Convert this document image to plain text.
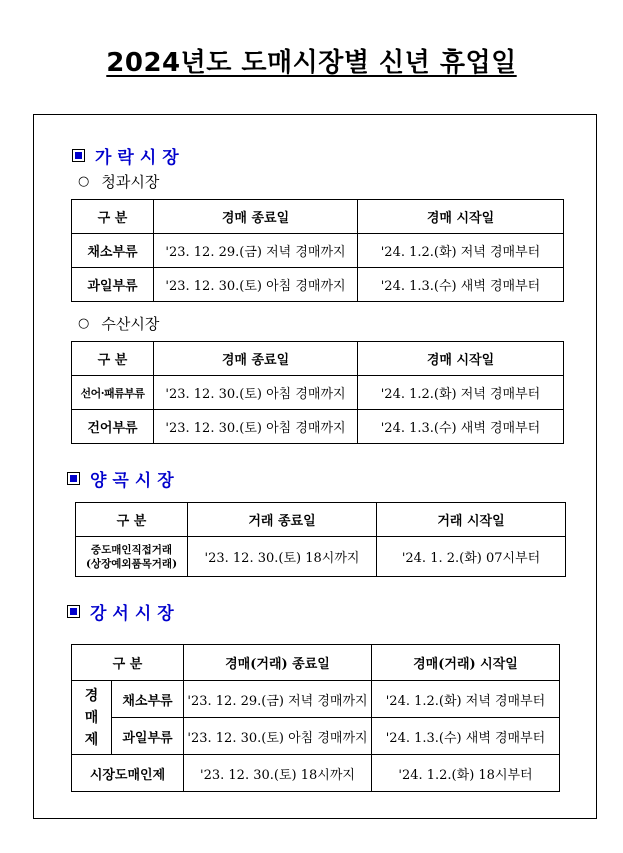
2024년도 도매시장별 신년 휴업일
가락시장
○ 청과시장
구 분	경매 종료일	경매 시작일
채소부류	'23. 12. 29.(금) 저녁 경매까지	'24. 1.2.(화) 저녁 경매부터
과일부류	'23. 12. 30.(토) 아침 경매까지	'24. 1.3.(수) 새벽 경매부터
○ 수산시장
구 분	경매 종료일	경매 시작일
선어·패류부류	'23. 12. 30.(토) 아침 경매까지	'24. 1.2.(화) 저녁 경매부터
건어부류	'23. 12. 30.(토) 아침 경매까지	'24. 1.3.(수) 새벽 경매부터
양곡시장
구 분	거래 종료일	거래 시작일

중도매인직접거래
(상장예외품목거래)	'23. 12. 30.(토) 18시까지	'24. 1. 2.(화) 07시부터
강서시장
구 분		경매(거래) 종료일	경매(거래) 시작일
경매제	채소부류	'23. 12. 29.(금) 저녁 경매까지	'24. 1.2.(화) 저녁 경매부터
	과일부류	'23. 12. 30.(토) 아침 경매까지	'24. 1.3.(수) 새벽 경매부터
시장도매인제		'23. 12. 30.(토) 18시까지	'24. 1.2.(화) 18시부터
